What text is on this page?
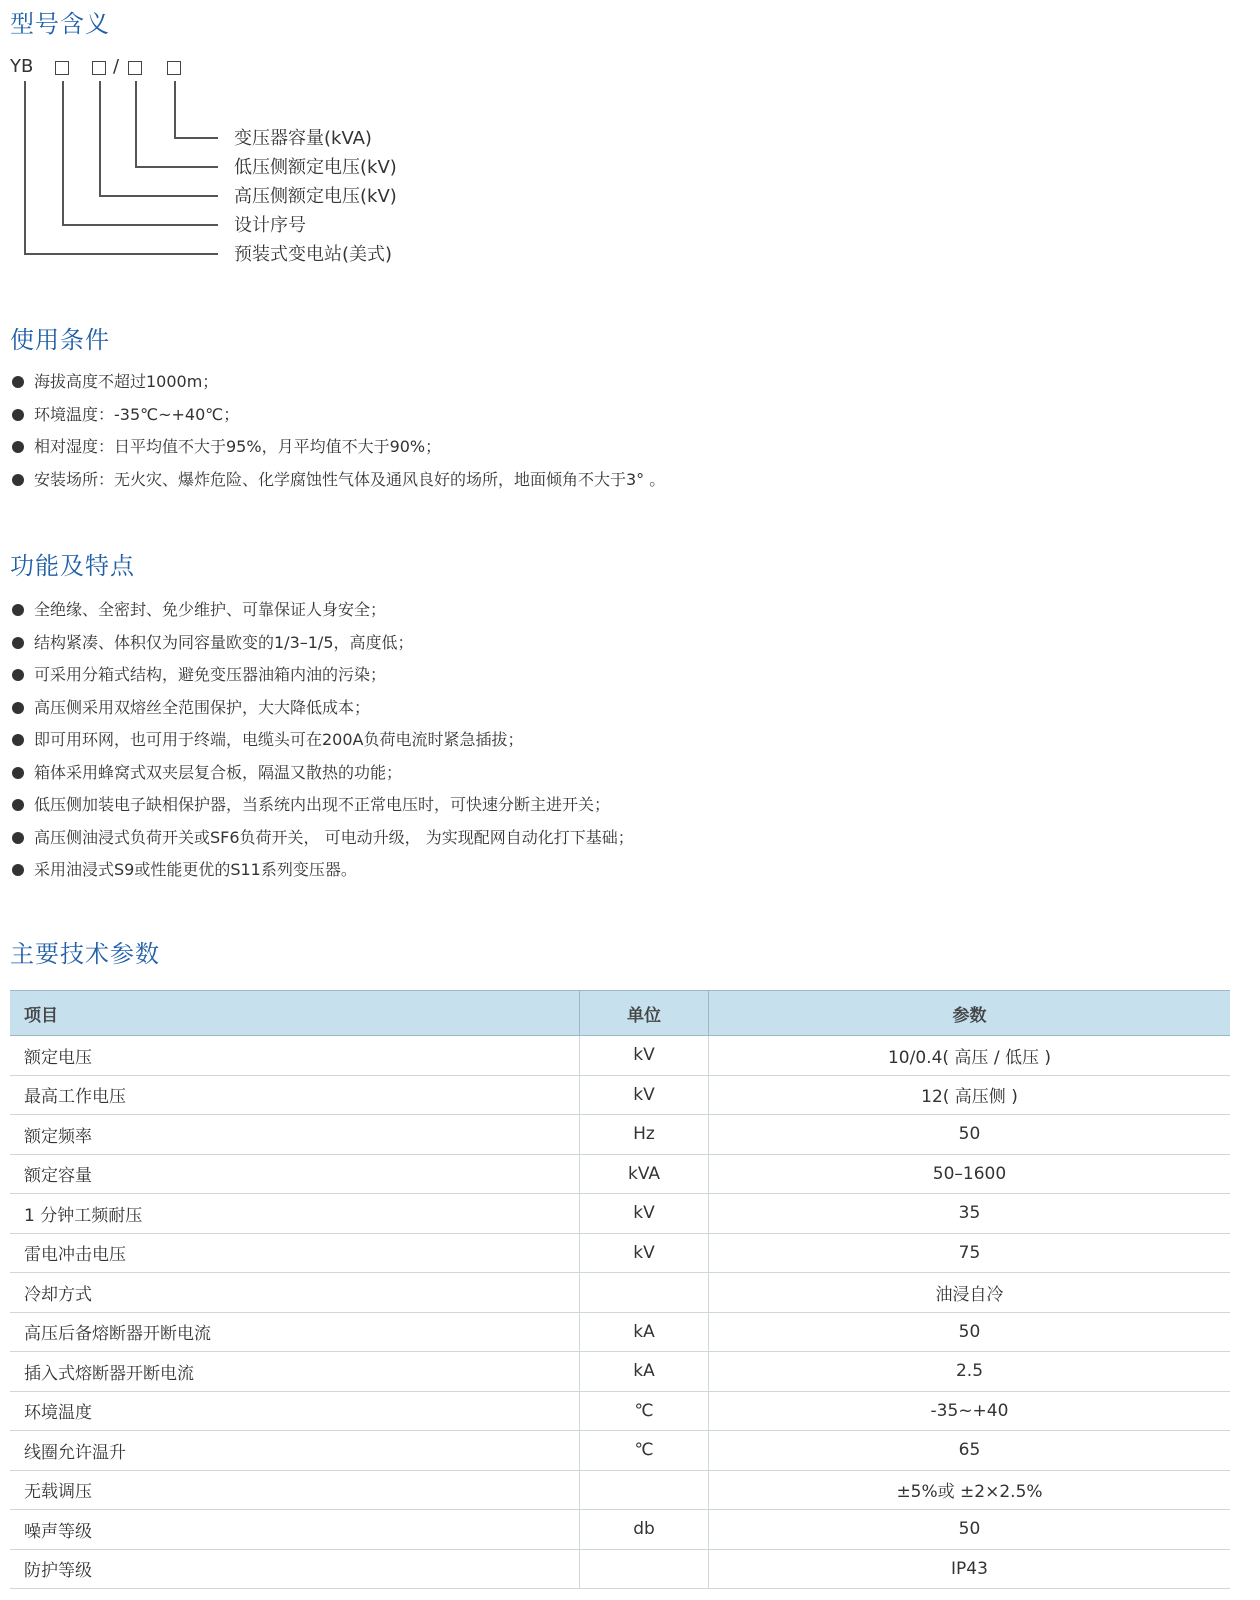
型号含义
YB	/
变压器容量(kVA)
低压侧额定电压(kV)
高压侧额定电压(kV)
设计序号
预装式变电站(美式)
使用条件
海拔高度不超过1000m；
环境温度：-35℃~+40℃；
相对湿度：日平均值不大于95%，月平均值不大于90%；
安装场所：无火灾、爆炸危险、化学腐蚀性气体及通风良好的场所，地面倾角不大于3° 。
功能及特点
全绝缘、全密封、免少维护、可靠保证人身安全；
结构紧凑、体积仅为同容量欧变的1/3–1/5，高度低；
可采用分箱式结构，避免变压器油箱内油的污染；
高压侧采用双熔丝全范围保护，大大降低成本；
即可用环网，也可用于终端，电缆头可在200A负荷电流时紧急插拔；
箱体采用蜂窝式双夹层复合板，隔温又散热的功能；
低压侧加装电子缺相保护器，当系统内出现不正常电压时，可快速分断主进开关；
高压侧油浸式负荷开关或SF6负荷开关， 可电动升级， 为实现配网自动化打下基础；
采用油浸式S9或性能更优的S11系列变压器。
主要技术参数
项目	单位	参数
额定电压	kV	10/0.4( 高压 / 低压 )
最高工作电压	kV	12( 高压侧 )
额定频率	Hz	50
额定容量	kVA	50–1600
1 分钟工频耐压	kV	35
雷电冲击电压	kV	75
冷却方式		油浸自冷
高压后备熔断器开断电流	kA	50
插入式熔断器开断电流	kA	2.5
环境温度	℃	-35~+40
线圈允许温升	℃	65
无载调压		±5%或 ±2×2.5%
噪声等级	db	50
防护等级		IP43
